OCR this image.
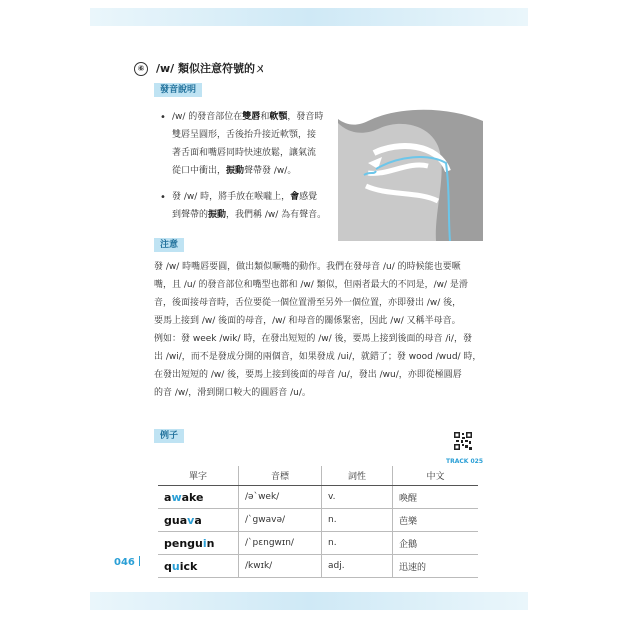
⑥ /w/ 類似注意符號的ㄨ
發音說明
• /w/ 的發音部位在雙唇和軟顎，發音時
雙唇呈圓形，舌後抬升接近軟顎，接
著舌面和嘴唇同時快速放鬆，讓氣流
從口中衝出，振動聲帶發 /w/。
• 發 /w/ 時，將手放在喉嚨上，會感覺
到聲帶的振動，我們稱 /w/ 為有聲音。
注意
發 /w/ 時嘴唇要圓，做出類似噘嘴的動作。我們在發母音 /u/ 的時候能也要噘
嘴，且 /u/ 的發音部位和嘴型也都和 /w/ 類似，但兩者最大的不同是，/w/ 是滑
音，後面接母音時，舌位要從一個位置滑至另外一個位置，亦即發出 /w/ 後，
要馬上接到 /w/ 後面的母音，/w/ 和母音的關係緊密，因此 /w/ 又稱半母音。
例如：發 week /wik/ 時，在發出短短的 /w/ 後，要馬上接到後面的母音 /i/，發
出 /wi/，而不是發成分開的兩個音，如果發成 /ui/，就錯了；發 wood /wud/ 時，
在發出短短的 /w/ 後，要馬上接到後面的母音 /u/，發出 /wu/，亦即從極圓唇
的音 /w/，滑到開口較大的圓唇音 /u/。
例子
TRACK 025
單字	音標	詞性	中文
awake	/ə`wek/	v.	喚醒
guava	/`gwavə/	n.	芭樂
penguin	/`pɛngwɪn/	n.	企鵝
quick	/kwɪk/	adj.	迅速的
046
